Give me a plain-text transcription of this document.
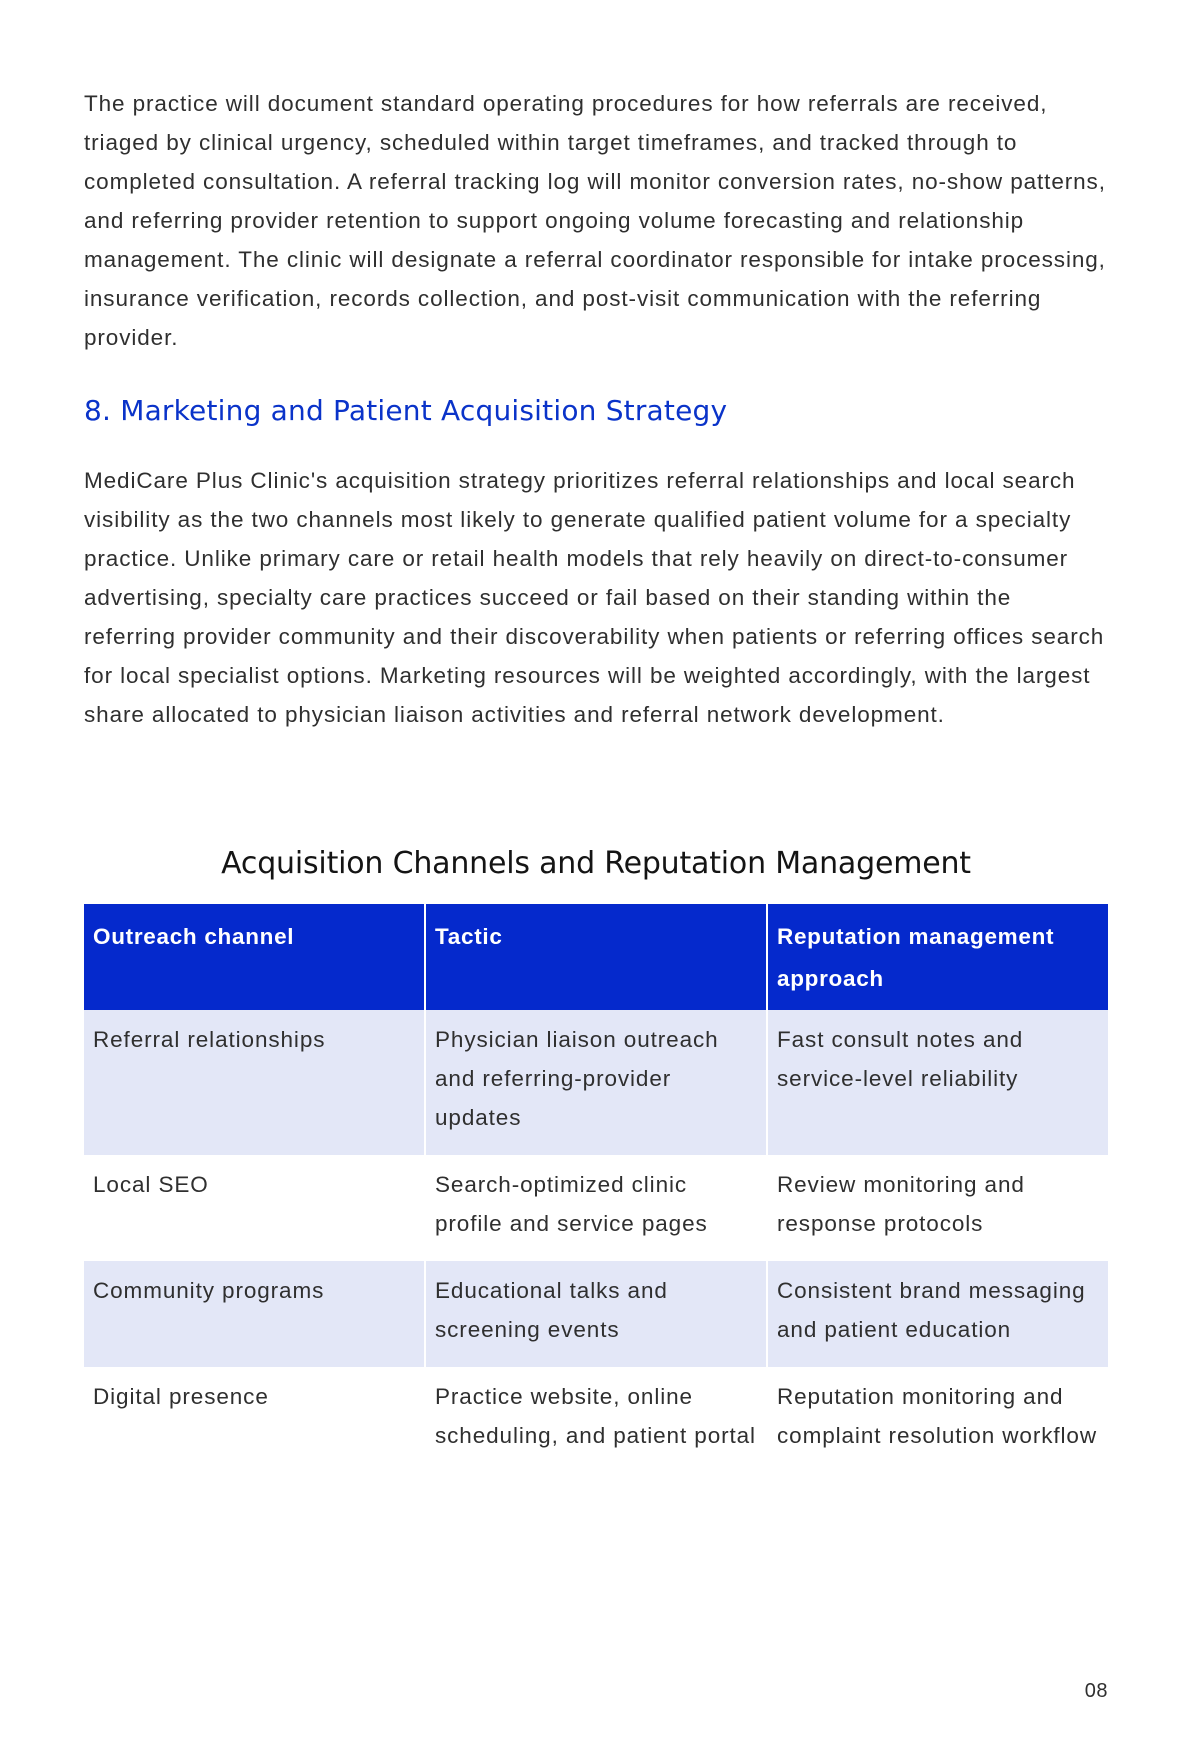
The practice will document standard operating procedures for how referrals are received, triaged by clinical urgency, scheduled within target timeframes, and tracked through to completed consultation. A referral tracking log will monitor conversion rates, no-show patterns, and referring provider retention to support ongoing volume forecasting and relationship management. The clinic will designate a referral coordinator responsible for intake processing, insurance verification, records collection, and post-visit communication with the referring provider.

8. Marketing and Patient Acquisition Strategy

MediCare Plus Clinic's acquisition strategy prioritizes referral relationships and local search visibility as the two channels most likely to generate qualified patient volume for a specialty practice. Unlike primary care or retail health models that rely heavily on direct-to-consumer advertising, specialty care practices succeed or fail based on their standing within the referring provider community and their discoverability when patients or referring offices search for local specialist options. Marketing resources will be weighted accordingly, with the largest share allocated to physician liaison activities and referral network development.

Acquisition Channels and Reputation Management
Outreach channel	Tactic	Reputation management approach
Referral relationships	Physician liaison outreach and referring-provider updates	Fast consult notes and service-level reliability
Local SEO	Search-optimized clinic profile and service pages	Review monitoring and response protocols
Community programs	Educational talks and screening events	Consistent brand messaging and patient education
Digital presence	Practice website, online scheduling, and patient portal	Reputation monitoring and complaint resolution workflow
08
